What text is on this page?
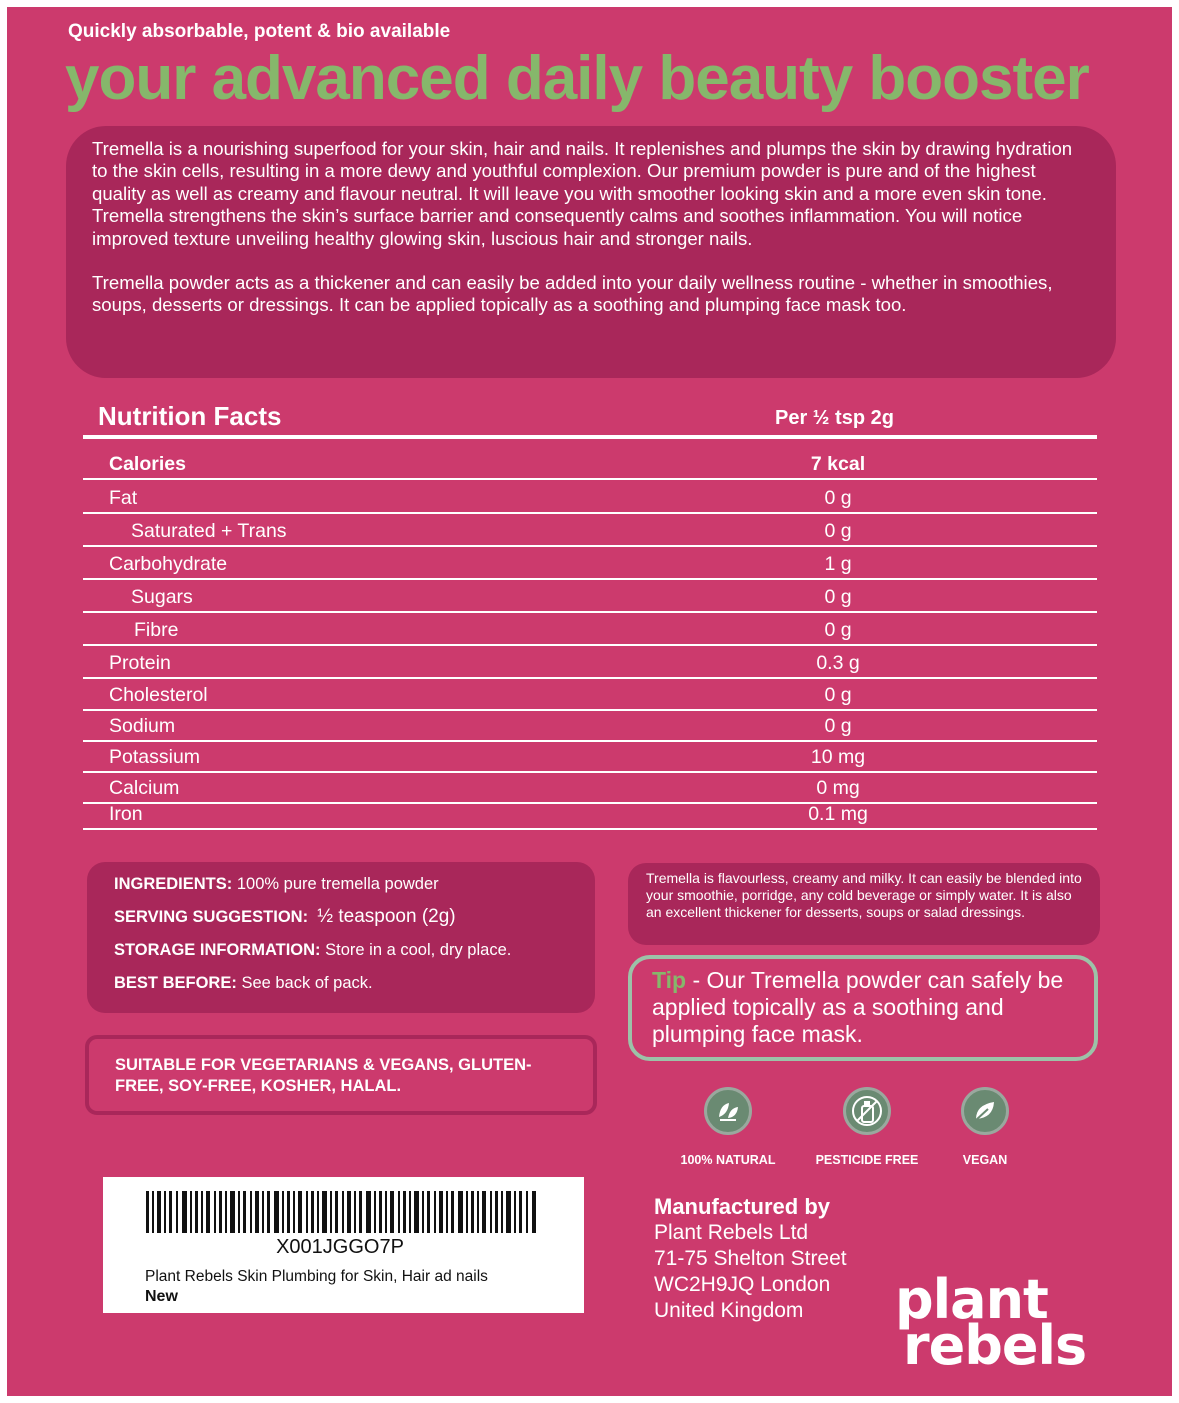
Quickly absorbable, potent & bio available
your advanced daily beauty booster

Tremella is a nourishing superfood for your skin, hair and nails. It replenishes and plumps the skin by drawing hydration to the skin cells, resulting in a more dewy and youthful complexion. Our premium powder is pure and of the highest quality as well as creamy and flavour neutral. It will leave you with smoother looking skin and a more even skin tone. Tremella strengthens the skin’s surface barrier and consequently calms and soothes inflammation. You will notice improved texture unveiling healthy glowing skin, luscious hair and stronger nails.

Tremella powder acts as a thickener and can easily be added into your daily wellness routine - whether in smoothies, soups, desserts or dressings. It can be applied topically as a soothing and plumping face mask too.

Nutrition Facts	Per ½ tsp 2g
Calories	7 kcal
Fat	0 g
Saturated + Trans	0 g
Carbohydrate	1 g
Sugars	0 g
Fibre	0 g
Protein	0.3 g
Cholesterol	0 g
Sodium	0 g
Potassium	10 mg
Calcium	0 mg
Iron	0.1 mg
INGREDIENTS: 100% pure tremella powder
SERVING SUGGESTION: ½ teaspoon (2g)
STORAGE INFORMATION: Store in a cool, dry place.
BEST BEFORE: See back of pack.
SUITABLE FOR VEGETARIANS & VEGANS, GLUTEN-FREE, SOY-FREE, KOSHER, HALAL.
Tremella is flavourless, creamy and milky. It can easily be blended into your smoothie, porridge, any cold beverage or simply water. It is also an excellent thickener for desserts, soups or salad dressings.
Tip - Our Tremella powder can safely be applied topically as a soothing and plumping face mask.
100% NATURAL	PESTICIDE FREE	VEGAN
X001JGGO7P
Plant Rebels Skin Plumbing for Skin, Hair ad nails
New
Manufactured by
Plant Rebels Ltd
71-75 Shelton Street
WC2H9JQ London
United Kingdom	plant
rebels
